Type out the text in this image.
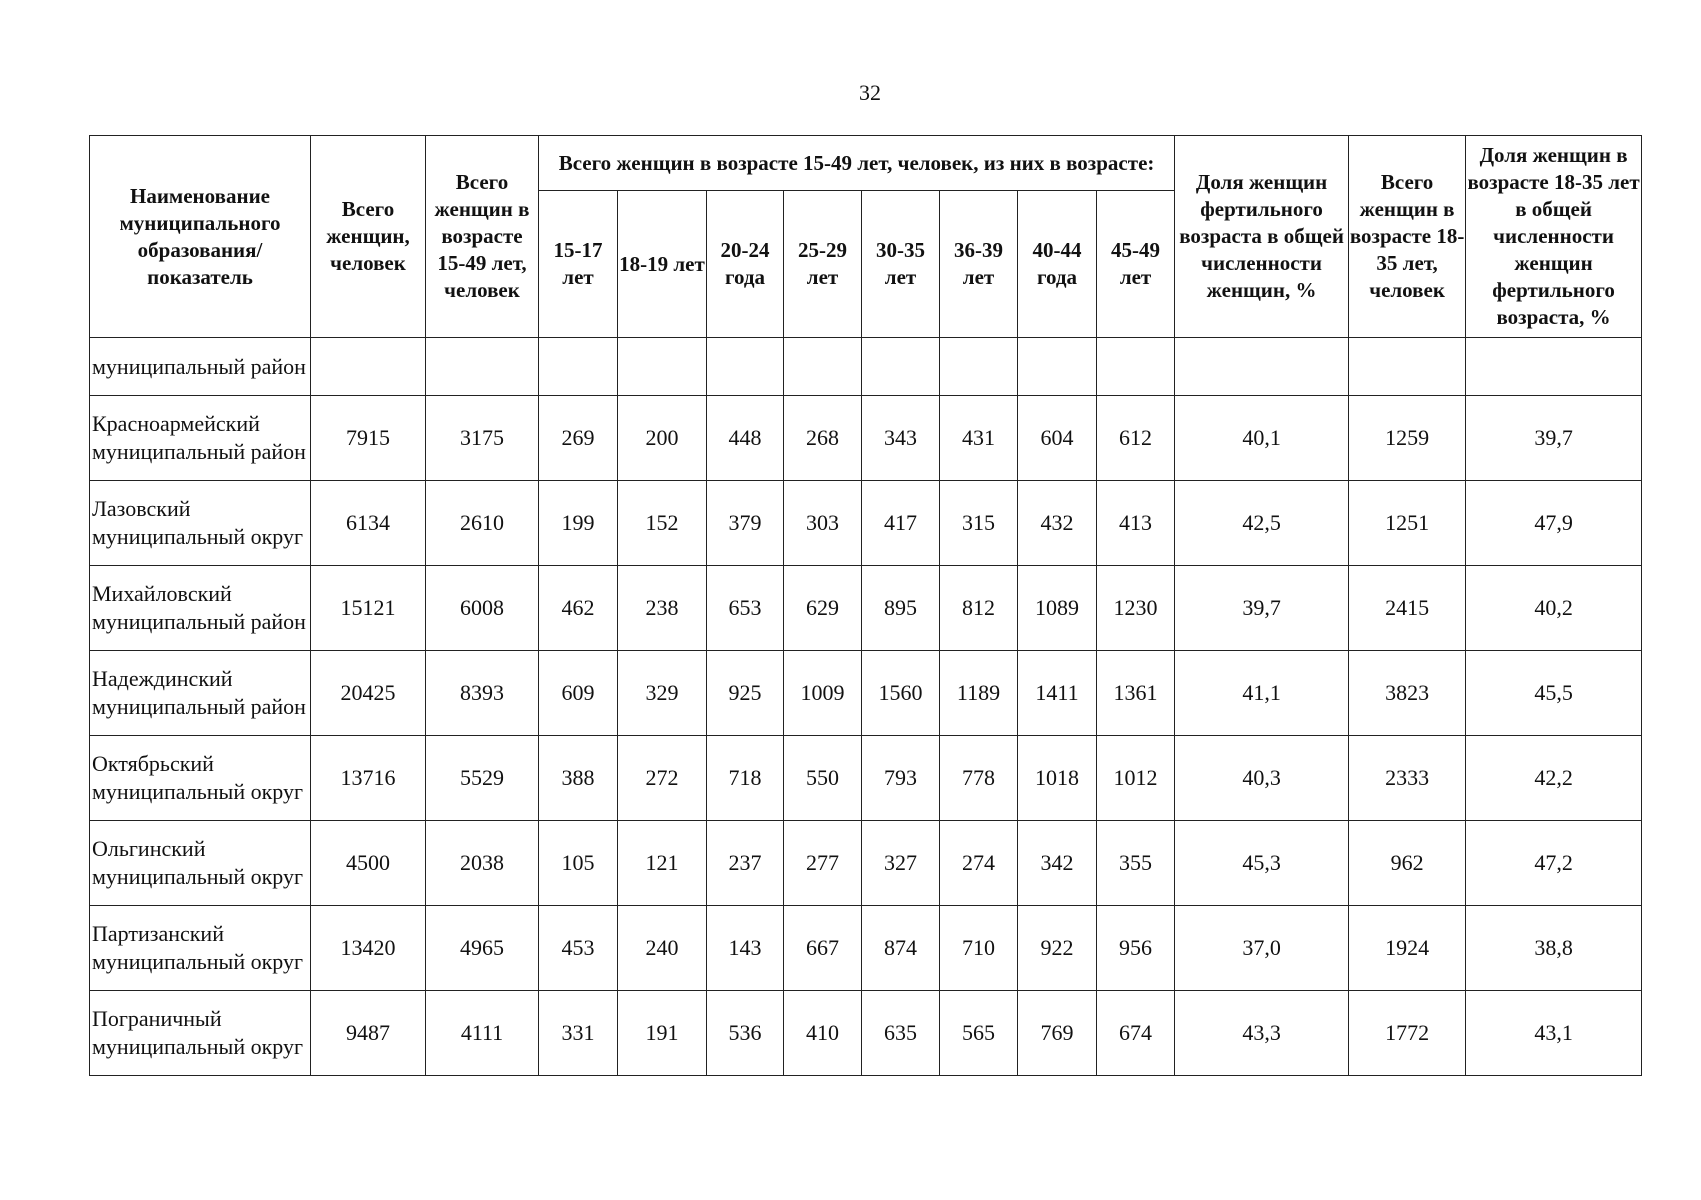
32
Наименование муниципального образования/ показатель	Всего женщин, человек	Всего женщин в возрасте 15-49 лет, человек	Всего женщин в возрасте 15-49 лет, человек, из них в возрасте:								Доля женщин фертильного возраста в общей численности женщин, %	Всего женщин в возрасте 18-35 лет, человек	Доля женщин в возрасте 18-35 лет в общей численности женщин фертильного возраста, %
			15-17 лет	18-19 лет	20-24 года	25-29 лет	30-35 лет	36-39 лет	40-44 года	45-49 лет			
муниципальный район													
Красноармейский муниципальный район	7915	3175	269	200	448	268	343	431	604	612	40,1	1259	39,7
Лазовский муниципальный округ	6134	2610	199	152	379	303	417	315	432	413	42,5	1251	47,9
Михайловский муниципальный район	15121	6008	462	238	653	629	895	812	1089	1230	39,7	2415	40,2
Надеждинский муниципальный район	20425	8393	609	329	925	1009	1560	1189	1411	1361	41,1	3823	45,5
Октябрьский муниципальный округ	13716	5529	388	272	718	550	793	778	1018	1012	40,3	2333	42,2
Ольгинский муниципальный округ	4500	2038	105	121	237	277	327	274	342	355	45,3	962	47,2
Партизанский муниципальный округ	13420	4965	453	240	143	667	874	710	922	956	37,0	1924	38,8
Пограничный муниципальный округ	9487	4111	331	191	536	410	635	565	769	674	43,3	1772	43,1
